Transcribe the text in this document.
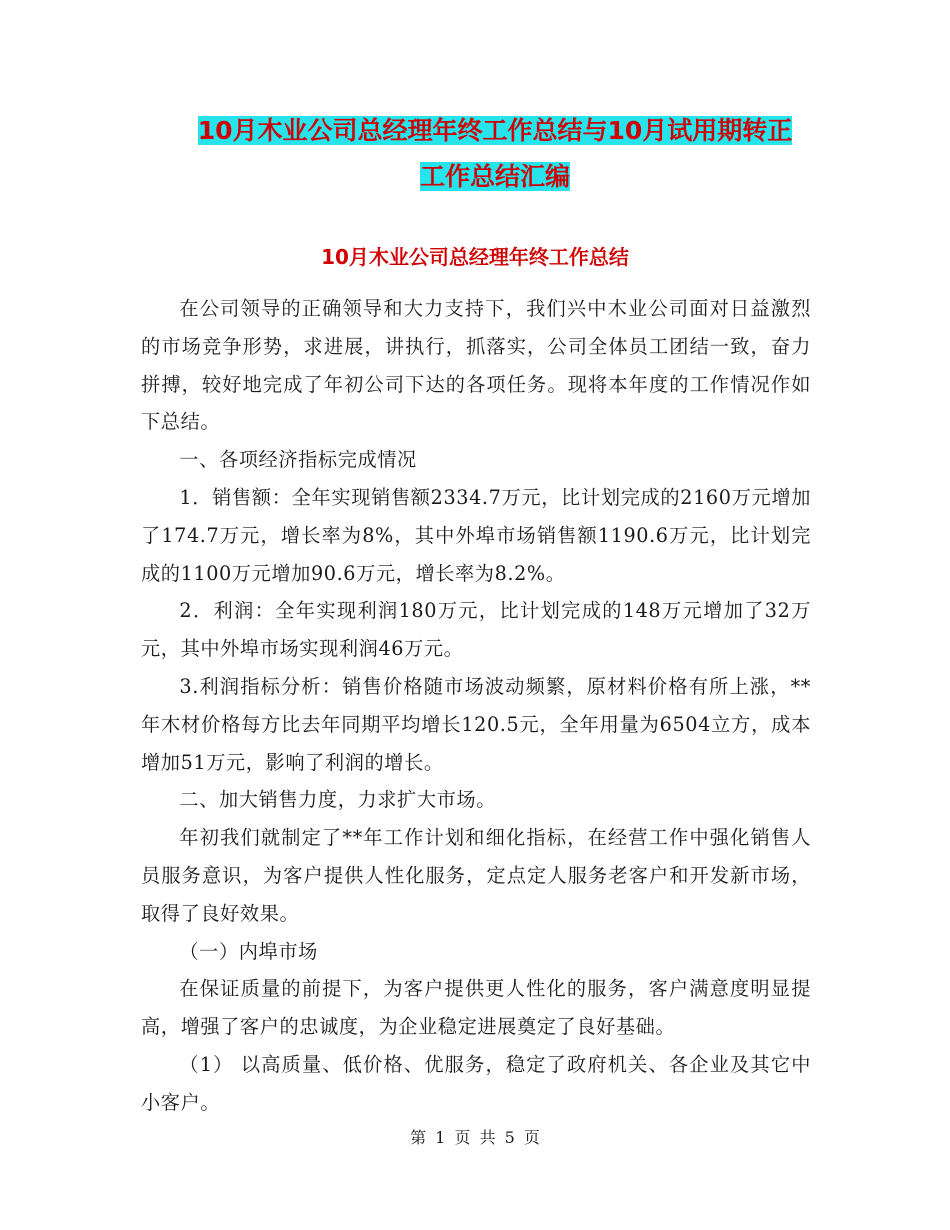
10月木业公司总经理年终工作总结与10月试用期转正
工作总结汇编
10月木业公司总经理年终工作总结

在公司领导的正确领导和大力支持下，我们兴中木业公司面对日益激烈的市场竞争形势，求进展，讲执行，抓落实，公司全体员工团结一致，奋力拼搏，较好地完成了年初公司下达的各项任务。现将本年度的工作情况作如下总结。

一、各项经济指标完成情况

1．销售额：全年实现销售额2334.7万元，比计划完成的2160万元增加了174.7万元，增长率为8%，其中外埠市场销售额1190.6万元，比计划完成的1100万元增加90.6万元，增长率为8.2%。

2．利润：全年实现利润180万元，比计划完成的148万元增加了32万元，其中外埠市场实现利润46万元。

3.利润指标分析：销售价格随市场波动频繁，原材料价格有所上涨，**年木材价格每方比去年同期平均增长120.5元，全年用量为6504立方，成本增加51万元，影响了利润的增长。

二、加大销售力度，力求扩大市场。

年初我们就制定了**年工作计划和细化指标，在经营工作中强化销售人员服务意识，为客户提供人性化服务，定点定人服务老客户和开发新市场，取得了良好效果。

（一）内埠市场

在保证质量的前提下，为客户提供更人性化的服务，客户满意度明显提高，增强了客户的忠诚度，为企业稳定进展奠定了良好基础。

（1） 以高质量、低价格、优服务，稳定了政府机关、各企业及其它中小客户。

第 1 页 共 5 页
